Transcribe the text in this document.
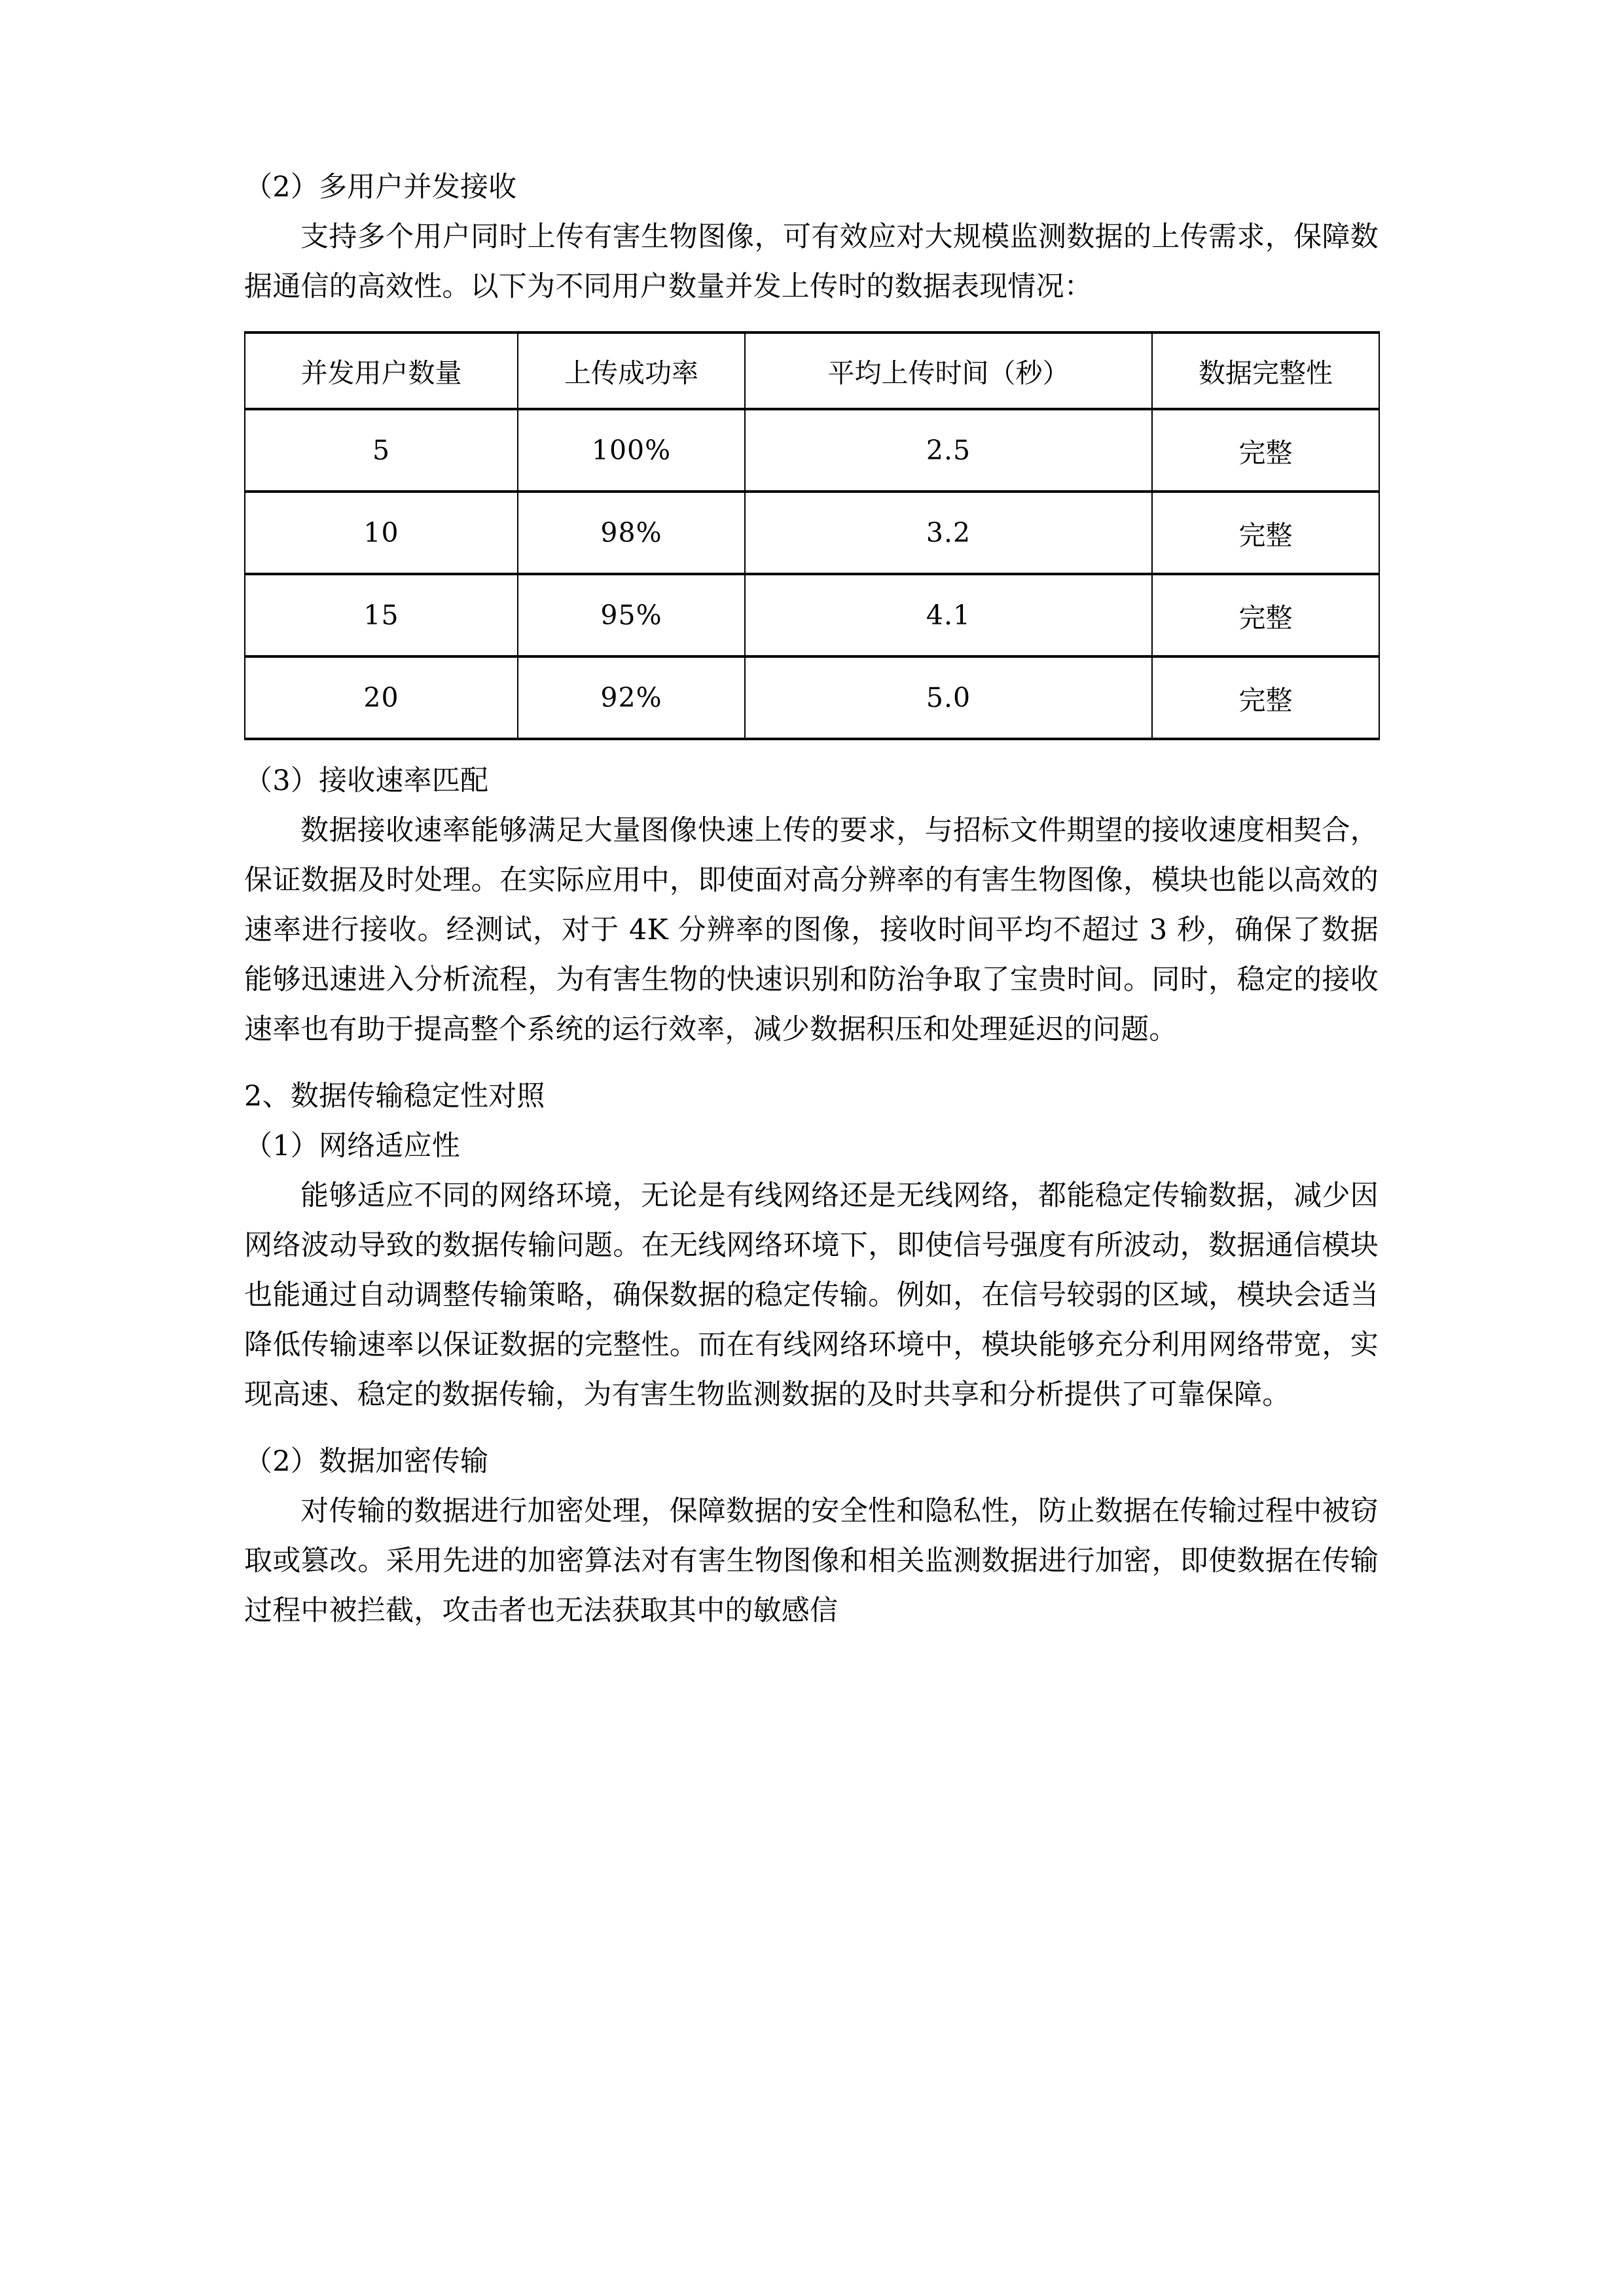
（2）多用户并发接收
支持多个用户同时上传有害生物图像，可有效应对大规模监测数据的上传需求，保障数据通信的高效性。以下为不同用户数量并发上传时的数据表现情况：
并发用户数量	上传成功率	平均上传时间（秒）	数据完整性
5	100%	2.5	完整
10	98%	3.2	完整
15	95%	4.1	完整
20	92%	5.0	完整
（3）接收速率匹配
数据接收速率能够满足大量图像快速上传的要求，与招标文件期望的接收速度相契合，保证数据及时处理。在实际应用中，即使面对高分辨率的有害生物图像，模块也能以高效的速率进行接收。经测试，对于 4K 分辨率的图像，接收时间平均不超过 3 秒，确保了数据能够迅速进入分析流程，为有害生物的快速识别和防治争取了宝贵时间。同时，稳定的接收速率也有助于提高整个系统的运行效率，减少数据积压和处理延迟的问题。
2、数据传输稳定性对照
（1）网络适应性
能够适应不同的网络环境，无论是有线网络还是无线网络，都能稳定传输数据，减少因网络波动导致的数据传输问题。在无线网络环境下，即使信号强度有所波动，数据通信模块也能通过自动调整传输策略，确保数据的稳定传输。例如，在信号较弱的区域，模块会适当降低传输速率以保证数据的完整性。而在有线网络环境中，模块能够充分利用网络带宽，实现高速、稳定的数据传输，为有害生物监测数据的及时共享和分析提供了可靠保障。
（2）数据加密传输
对传输的数据进行加密处理，保障数据的安全性和隐私性，防止数据在传输过程中被窃取或篡改。采用先进的加密算法对有害生物图像和相关监测数据进行加密，即使数据在传输过程中被拦截，攻击者也无法获取其中的敏感信
